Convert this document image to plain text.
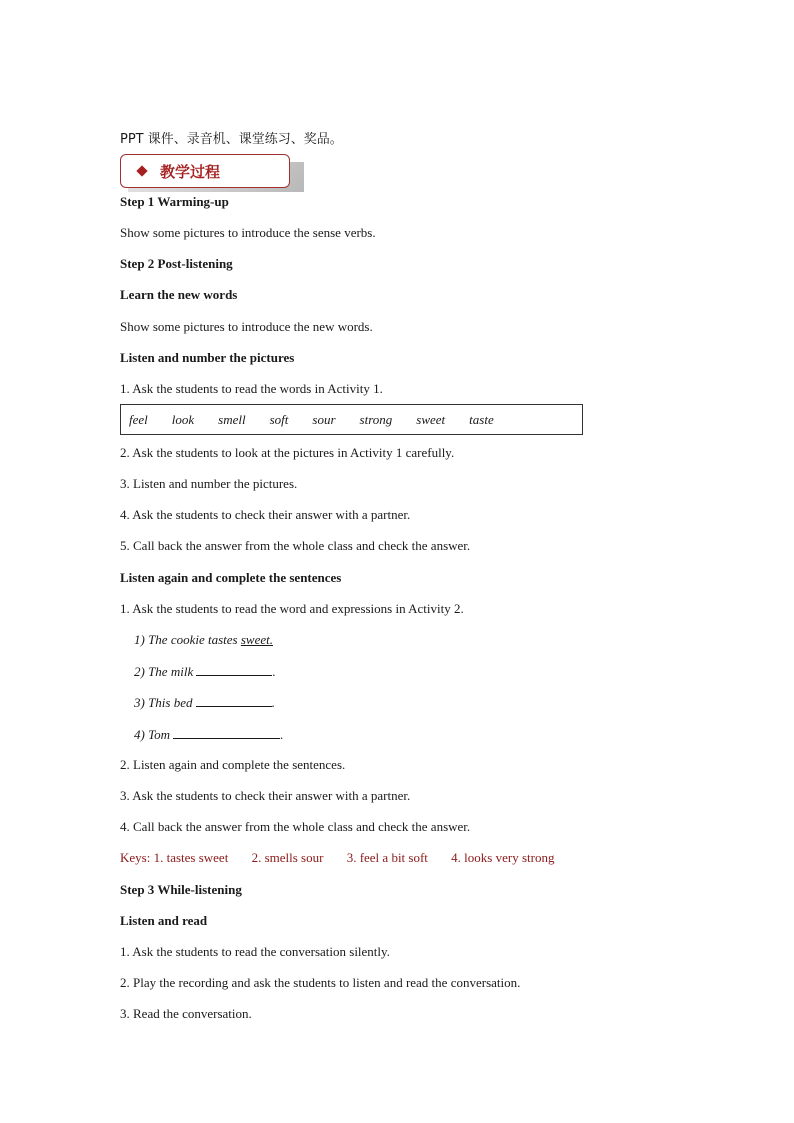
PPT 课件、录音机、课堂练习、奖品。
教学过程
Step 1 Warming-up
Show some pictures to introduce the sense verbs.
Step 2 Post-listening
Learn the new words
Show some pictures to introduce the new words.
Listen and number the pictures
1. Ask the students to read the words in Activity 1.
feel look smell soft sour strong sweet taste
2. Ask the students to look at the pictures in Activity 1 carefully.
3. Listen and number the pictures.
4. Ask the students to check their answer with a partner.
5. Call back the answer from the whole class and check the answer.
Listen again and complete the sentences
1. Ask the students to read the word and expressions in Activity 2.
1) The cookie tastes sweet.
2) The milk	.
3) This bed	.
4) Tom	.
2. Listen again and complete the sentences.
3. Ask the students to check their answer with a partner.
4. Call back the answer from the whole class and check the answer.
Keys: 1. tastes sweet 2. smells sour 3. feel a bit soft 4. looks very strong
Step 3 While-listening
Listen and read
1. Ask the students to read the conversation silently.
2. Play the recording and ask the students to listen and read the conversation.
3. Read the conversation.
